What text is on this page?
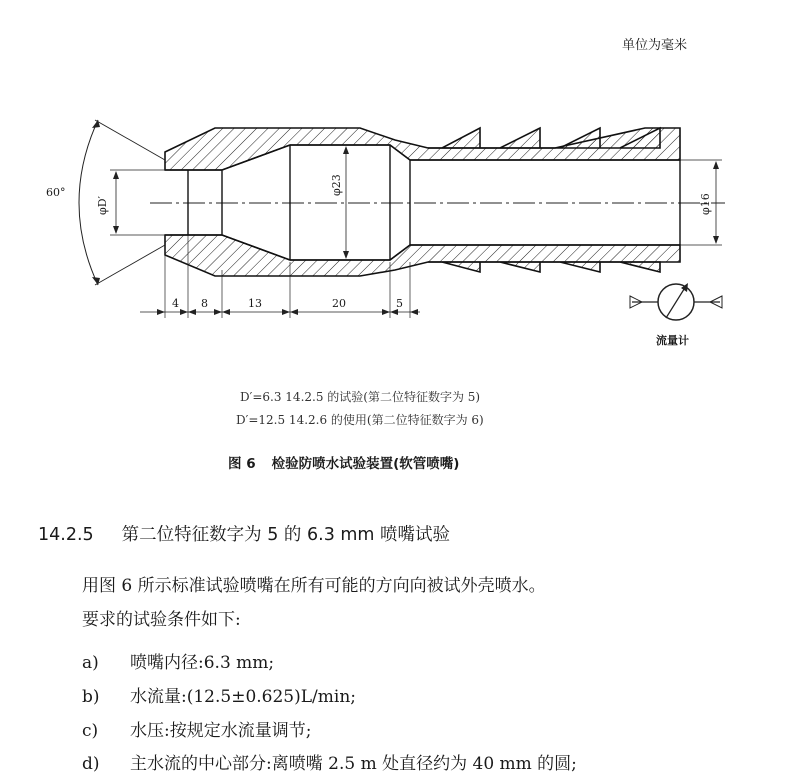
单位为毫米
60°
φD′
φ23
φ16
4 8	13	20	5
流量计
D′=6.3 14.2.5 的试验(第二位特征数字为 5)
D′=12.5 14.2.6 的使用(第二位特征数字为 6)
图 6 检验防喷水试验装置(软管喷嘴)
14.2.5 第二位特征数字为 5 的 6.3 mm 喷嘴试验
用图 6 所示标准试验喷嘴在所有可能的方向向被试外壳喷水。
要求的试验条件如下:
a) 喷嘴内径:6.3 mm;
b) 水流量:(12.5±0.625)L/min;
c) 水压:按规定水流量调节;
d) 主水流的中心部分:离喷嘴 2.5 m 处直径约为 40 mm 的圆;
